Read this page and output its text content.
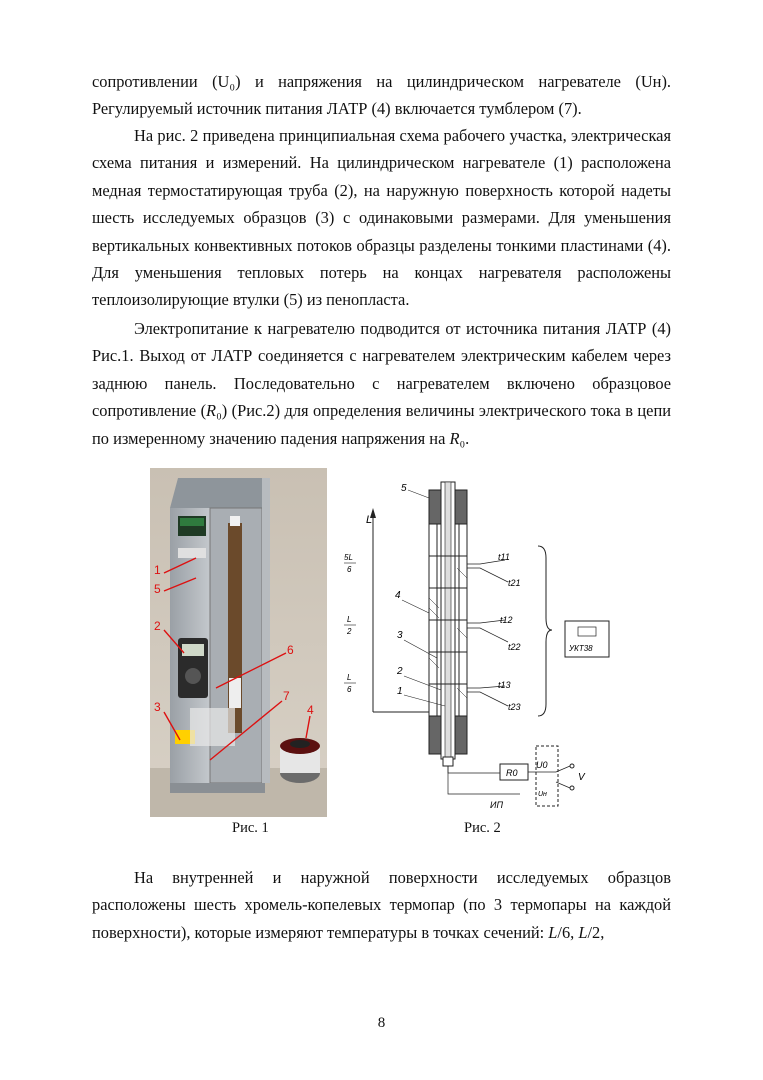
сопротивлении (U₀) и напряжения на цилиндрическом нагревателе (Uн). Регулируемый источник питания ЛАТР (4) включается тумблером (7).

На рис. 2 приведена принципиальная схема рабочего участка, электрическая схема питания и измерений. На цилиндрическом нагревателе (1) расположена медная термостатирующая труба (2), на наружную поверхность которой надеты шесть исследуемых образцов (3) с одинаковыми размерами. Для уменьшения вертикальных конвективных потоков образцы разделены тонкими пластинами (4). Для уменьшения тепловых потерь на концах нагревателя расположены теплоизолирующие втулки (5) из пенопласта.

Электропитание к нагревателю подводится от источника питания ЛАТР (4) Рис.1. Выход от ЛАТР соединяется с нагревателем электрическим кабелем через заднюю панель. Последовательно с нагревателем включено образцовое сопротивление (R₀) (Рис.2) для определения величины электрического тока в цепи по измеренному значению падения напряжения на R₀.

1
5
2
6
3
7
4
L
5L
6
L
2
L
6
5
4
3
2
1
t11
t21
t12
t22
t13
t23
УКТ38
R0
U0
Uн
V
ИП
Рис. 1	Рис. 2

На внутренней и наружной поверхности исследуемых образцов расположены шесть хромель-копелевых термопар (по 3 термопары на каждой поверхности), которые измеряют температуры в точках сечений: L/6, L/2,

8
